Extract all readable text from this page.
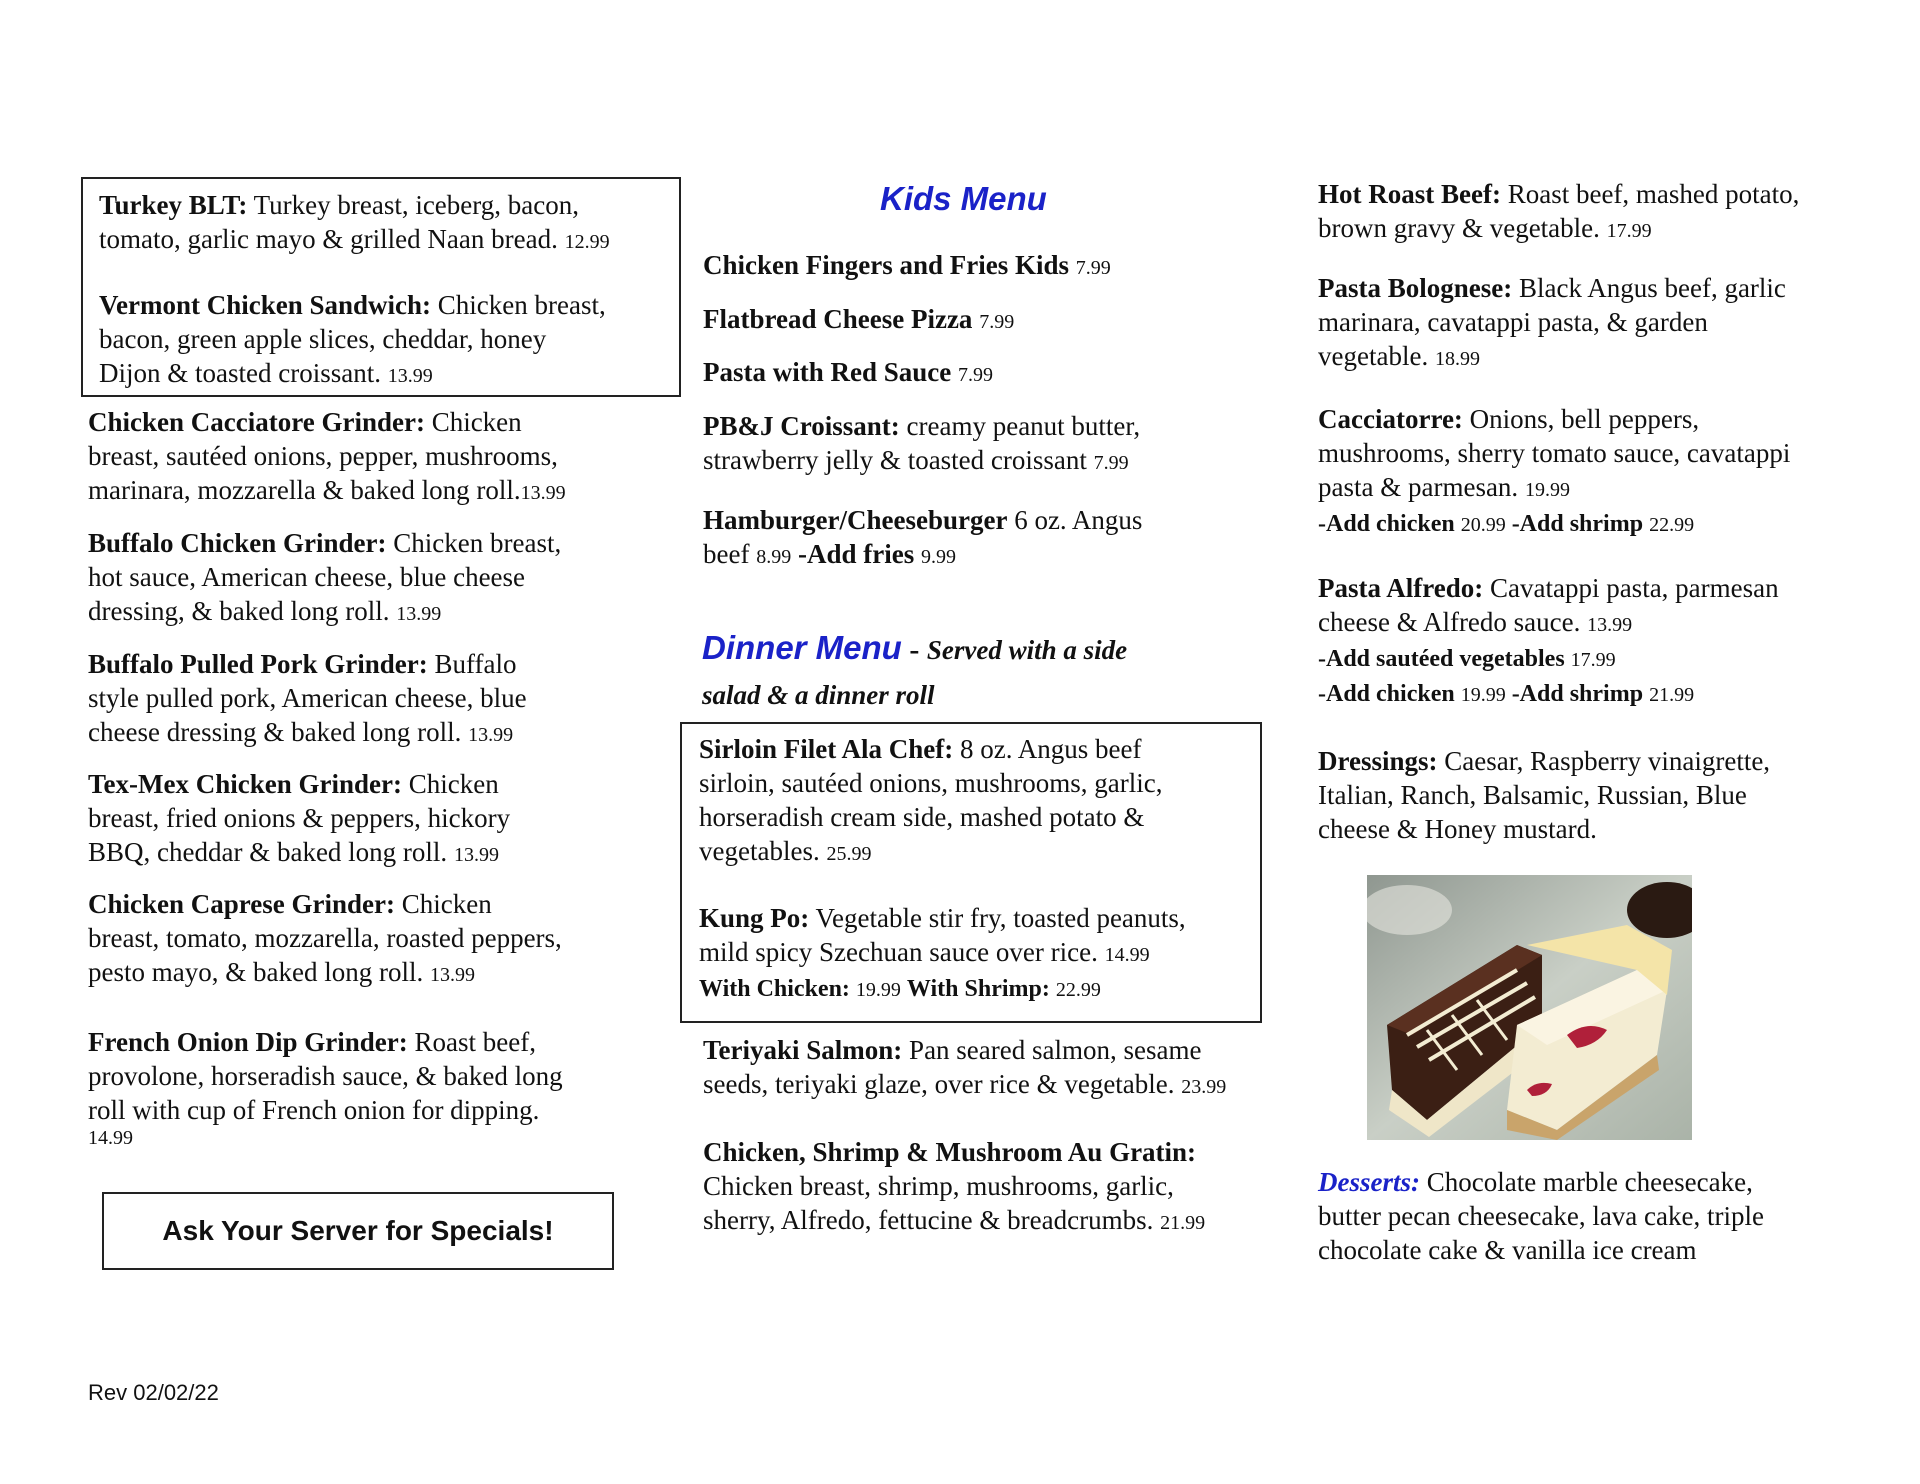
Turkey BLT: Turkey breast, iceberg, bacon,
tomato, garlic mayo & grilled Naan bread. 12.99
Vermont Chicken Sandwich: Chicken breast,
bacon, green apple slices, cheddar, honey
Dijon & toasted croissant. 13.99
Chicken Cacciatore Grinder: Chicken
breast, sautéed onions, pepper, mushrooms,
marinara, mozzarella & baked long roll.13.99
Buffalo Chicken Grinder: Chicken breast,
hot sauce, American cheese, blue cheese
dressing, & baked long roll. 13.99
Buffalo Pulled Pork Grinder: Buffalo
style pulled pork, American cheese, blue
cheese dressing & baked long roll. 13.99
Tex-Mex Chicken Grinder: Chicken
breast, fried onions & peppers, hickory
BBQ, cheddar & baked long roll. 13.99
Chicken Caprese Grinder: Chicken
breast, tomato, mozzarella, roasted peppers,
pesto mayo, & baked long roll. 13.99
French Onion Dip Grinder: Roast beef,
provolone, horseradish sauce, & baked long
roll with cup of French onion for dipping.
14.99
Ask Your Server for Specials!
Rev 02/02/22
Kids Menu
Chicken Fingers and Fries Kids 7.99
Flatbread Cheese Pizza 7.99
Pasta with Red Sauce 7.99
PB&J Croissant: creamy peanut butter,
strawberry jelly & toasted croissant 7.99
Hamburger/Cheeseburger 6 oz. Angus
beef 8.99 -Add fries 9.99
Dinner Menu - Served with a side
salad & a dinner roll
Sirloin Filet Ala Chef: 8 oz. Angus beef
sirloin, sautéed onions, mushrooms, garlic,
horseradish cream side, mashed potato &
vegetables. 25.99
Kung Po: Vegetable stir fry, toasted peanuts,
mild spicy Szechuan sauce over rice. 14.99
With Chicken: 19.99 With Shrimp: 22.99
Teriyaki Salmon: Pan seared salmon, sesame
seeds, teriyaki glaze, over rice & vegetable. 23.99
Chicken, Shrimp & Mushroom Au Gratin:
Chicken breast, shrimp, mushrooms, garlic,
sherry, Alfredo, fettucine & breadcrumbs. 21.99
Hot Roast Beef: Roast beef, mashed potato,
brown gravy & vegetable. 17.99
Pasta Bolognese: Black Angus beef, garlic
marinara, cavatappi pasta, & garden
vegetable. 18.99
Cacciatorre: Onions, bell peppers,
mushrooms, sherry tomato sauce, cavatappi
pasta & parmesan. 19.99
-Add chicken 20.99 -Add shrimp 22.99
Pasta Alfredo: Cavatappi pasta, parmesan
cheese & Alfredo sauce. 13.99
-Add sautéed vegetables 17.99
-Add chicken 19.99 -Add shrimp 21.99
Dressings: Caesar, Raspberry vinaigrette,
Italian, Ranch, Balsamic, Russian, Blue
cheese & Honey mustard.
Desserts: Chocolate marble cheesecake,
butter pecan cheesecake, lava cake, triple
chocolate cake & vanilla ice cream
